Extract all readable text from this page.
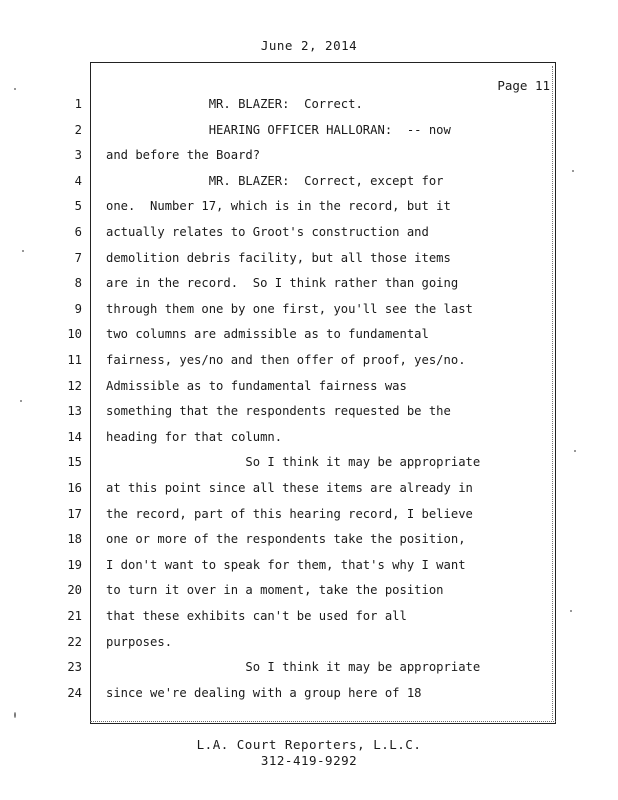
June 2, 2014
Page 11
1 MR. BLAZER:  Correct.
2 HEARING OFFICER HALLORAN:  -- now
3 and before the Board?
4 MR. BLAZER:  Correct, except for
5 one.  Number 17, which is in the record, but it
6 actually relates to Groot's construction and
7 demolition debris facility, but all those items
8 are in the record.  So I think rather than going
9 through them one by one first, you'll see the last
10 two columns are admissible as to fundamental
11 fairness, yes/no and then offer of proof, yes/no.
12 Admissible as to fundamental fairness was
13 something that the respondents requested be the
14 heading for that column.
15 So I think it may be appropriate
16 at this point since all these items are already in
17 the record, part of this hearing record, I believe
18 one or more of the respondents take the position,
19 I don't want to speak for them, that's why I want
20 to turn it over in a moment, take the position
21 that these exhibits can't be used for all
22 purposes.
23 So I think it may be appropriate
24 since we're dealing with a group here of 18
L.A. Court Reporters, L.L.C.
312-419-9292
